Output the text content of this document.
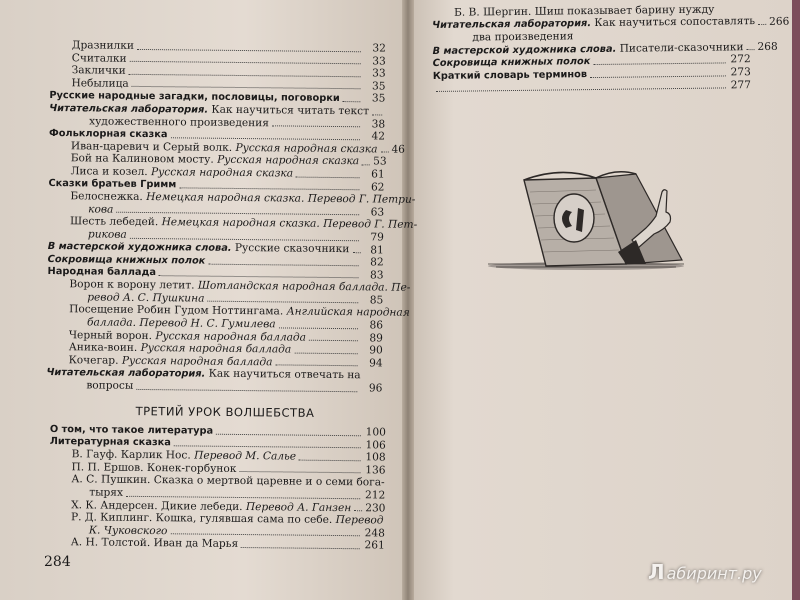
Дразнилки	32
Считалки	33
Заклички	33
Небылица	35
Русские народные загадки, пословицы, поговорки	35
Читательская лаборатория. Как научиться читать текст
художественного произведения	38
Фольклорная сказка	42
Иван-царевич и Серый волк. Русская народная сказка 46
Бой на Калиновом мосту. Русская народная сказка 53
Лиса и козел. Русская народная сказка	61
Сказки братьев Гримм	62
Белоснежка. Немецкая народная сказка. Перевод Г. Петри-
кова	63
Шесть лебедей. Немецкая народная сказка. Перевод Г. Пет-
рикова	79
В мастерской художника слова. Русские сказочники	81
Сокровища книжных полок	82
Народная баллада	83
Ворон к ворону летит. Шотландская народная баллада. Пе-
ревод А. С. Пушкина	85
Посещение Робин Гудом Ноттингама. Английская народная
баллада. Перевод Н. С. Гумилева	86
Черный ворон. Русская народная баллада	89
Аника-воин. Русская народная баллада	90
Кочегар. Русская народная баллада	94
Читательская лаборатория. Как научиться отвечать на
вопросы	96
ТРЕТИЙ УРОК ВОЛШЕБСТВА
О том, что такое литература	100
Литературная сказка	106
В. Гауф. Карлик Нос. Перевод М. Салье	108
П. П. Ершов. Конек-горбунок	136
А. С. Пушкин. Сказка о мертвой царевне и о семи бога-
тырях	212
Х. К. Андерсен. Дикие лебеди. Перевод А. Ганзен 230
Р. Д. Киплинг. Кошка, гулявшая сама по себе. Перевод
К. Чуковского	248
А. Н. Толстой. Иван да Марья	261
284
Б. В. Шергин. Шиш показывает барину нужду
Читательская лаборатория. Как научиться сопоставлять 266
два произведения
В мастерской художника слова. Писатели-сказочники 268
Сокровища книжных полок	272
Краткий словарь терминов	273
277
Л абиринт.ру
